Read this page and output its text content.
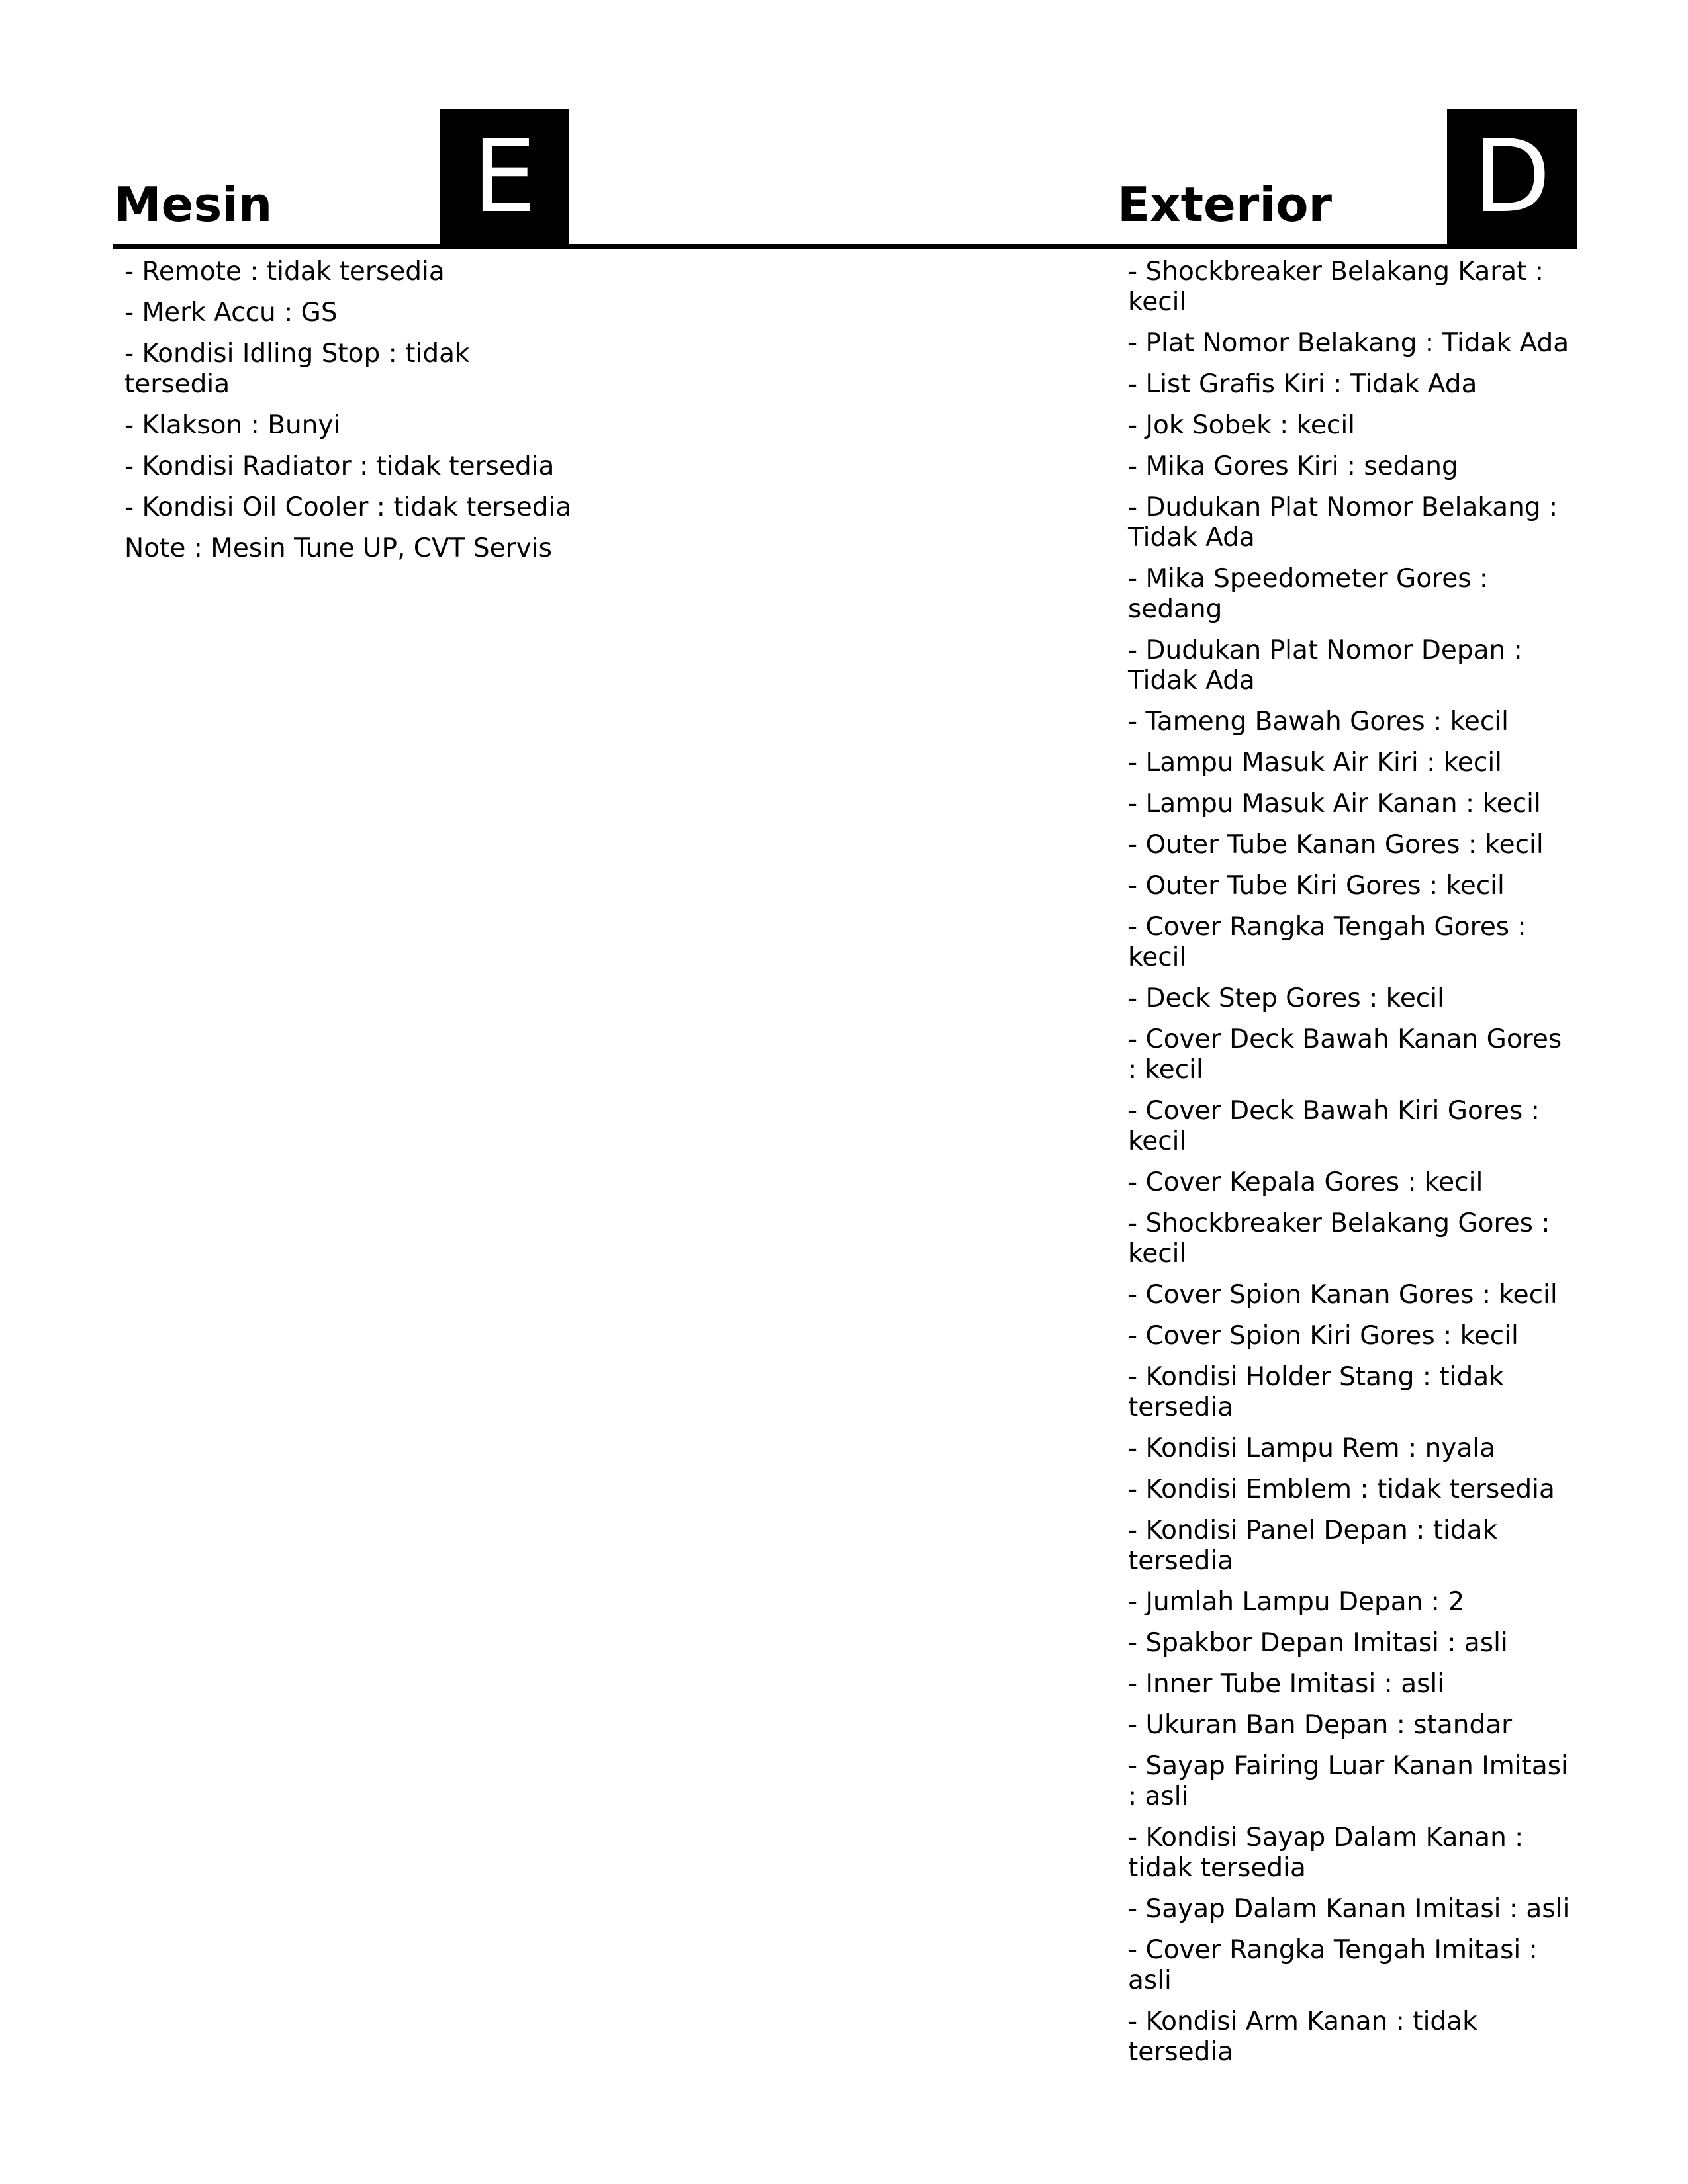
Mesin	E	Exterior D
- Remote : tidak tersedia
- Merk Accu : GS
- Kondisi Idling Stop : tidak tersedia
- Klakson : Bunyi
- Kondisi Radiator : tidak tersedia
- Kondisi Oil Cooler : tidak tersedia
Note : Mesin Tune UP, CVT Servis
- Shockbreaker Belakang Karat : kecil
- Plat Nomor Belakang : Tidak Ada
- List Grafis Kiri : Tidak Ada
- Jok Sobek : kecil
- Mika Gores Kiri : sedang
- Dudukan Plat Nomor Belakang : Tidak Ada
- Mika Speedometer Gores : sedang
- Dudukan Plat Nomor Depan : Tidak Ada
- Tameng Bawah Gores : kecil
- Lampu Masuk Air Kiri : kecil
- Lampu Masuk Air Kanan : kecil
- Outer Tube Kanan Gores : kecil
- Outer Tube Kiri Gores : kecil
- Cover Rangka Tengah Gores : kecil
- Deck Step Gores : kecil
- Cover Deck Bawah Kanan Gores : kecil
- Cover Deck Bawah Kiri Gores : kecil
- Cover Kepala Gores : kecil
- Shockbreaker Belakang Gores : kecil
- Cover Spion Kanan Gores : kecil
- Cover Spion Kiri Gores : kecil
- Kondisi Holder Stang : tidak tersedia
- Kondisi Lampu Rem : nyala
- Kondisi Emblem : tidak tersedia
- Kondisi Panel Depan : tidak tersedia
- Jumlah Lampu Depan : 2
- Spakbor Depan Imitasi : asli
- Inner Tube Imitasi : asli
- Ukuran Ban Depan : standar
- Sayap Fairing Luar Kanan Imitasi : asli
- Kondisi Sayap Dalam Kanan : tidak tersedia
- Sayap Dalam Kanan Imitasi : asli
- Cover Rangka Tengah Imitasi : asli
- Kondisi Arm Kanan : tidak tersedia
